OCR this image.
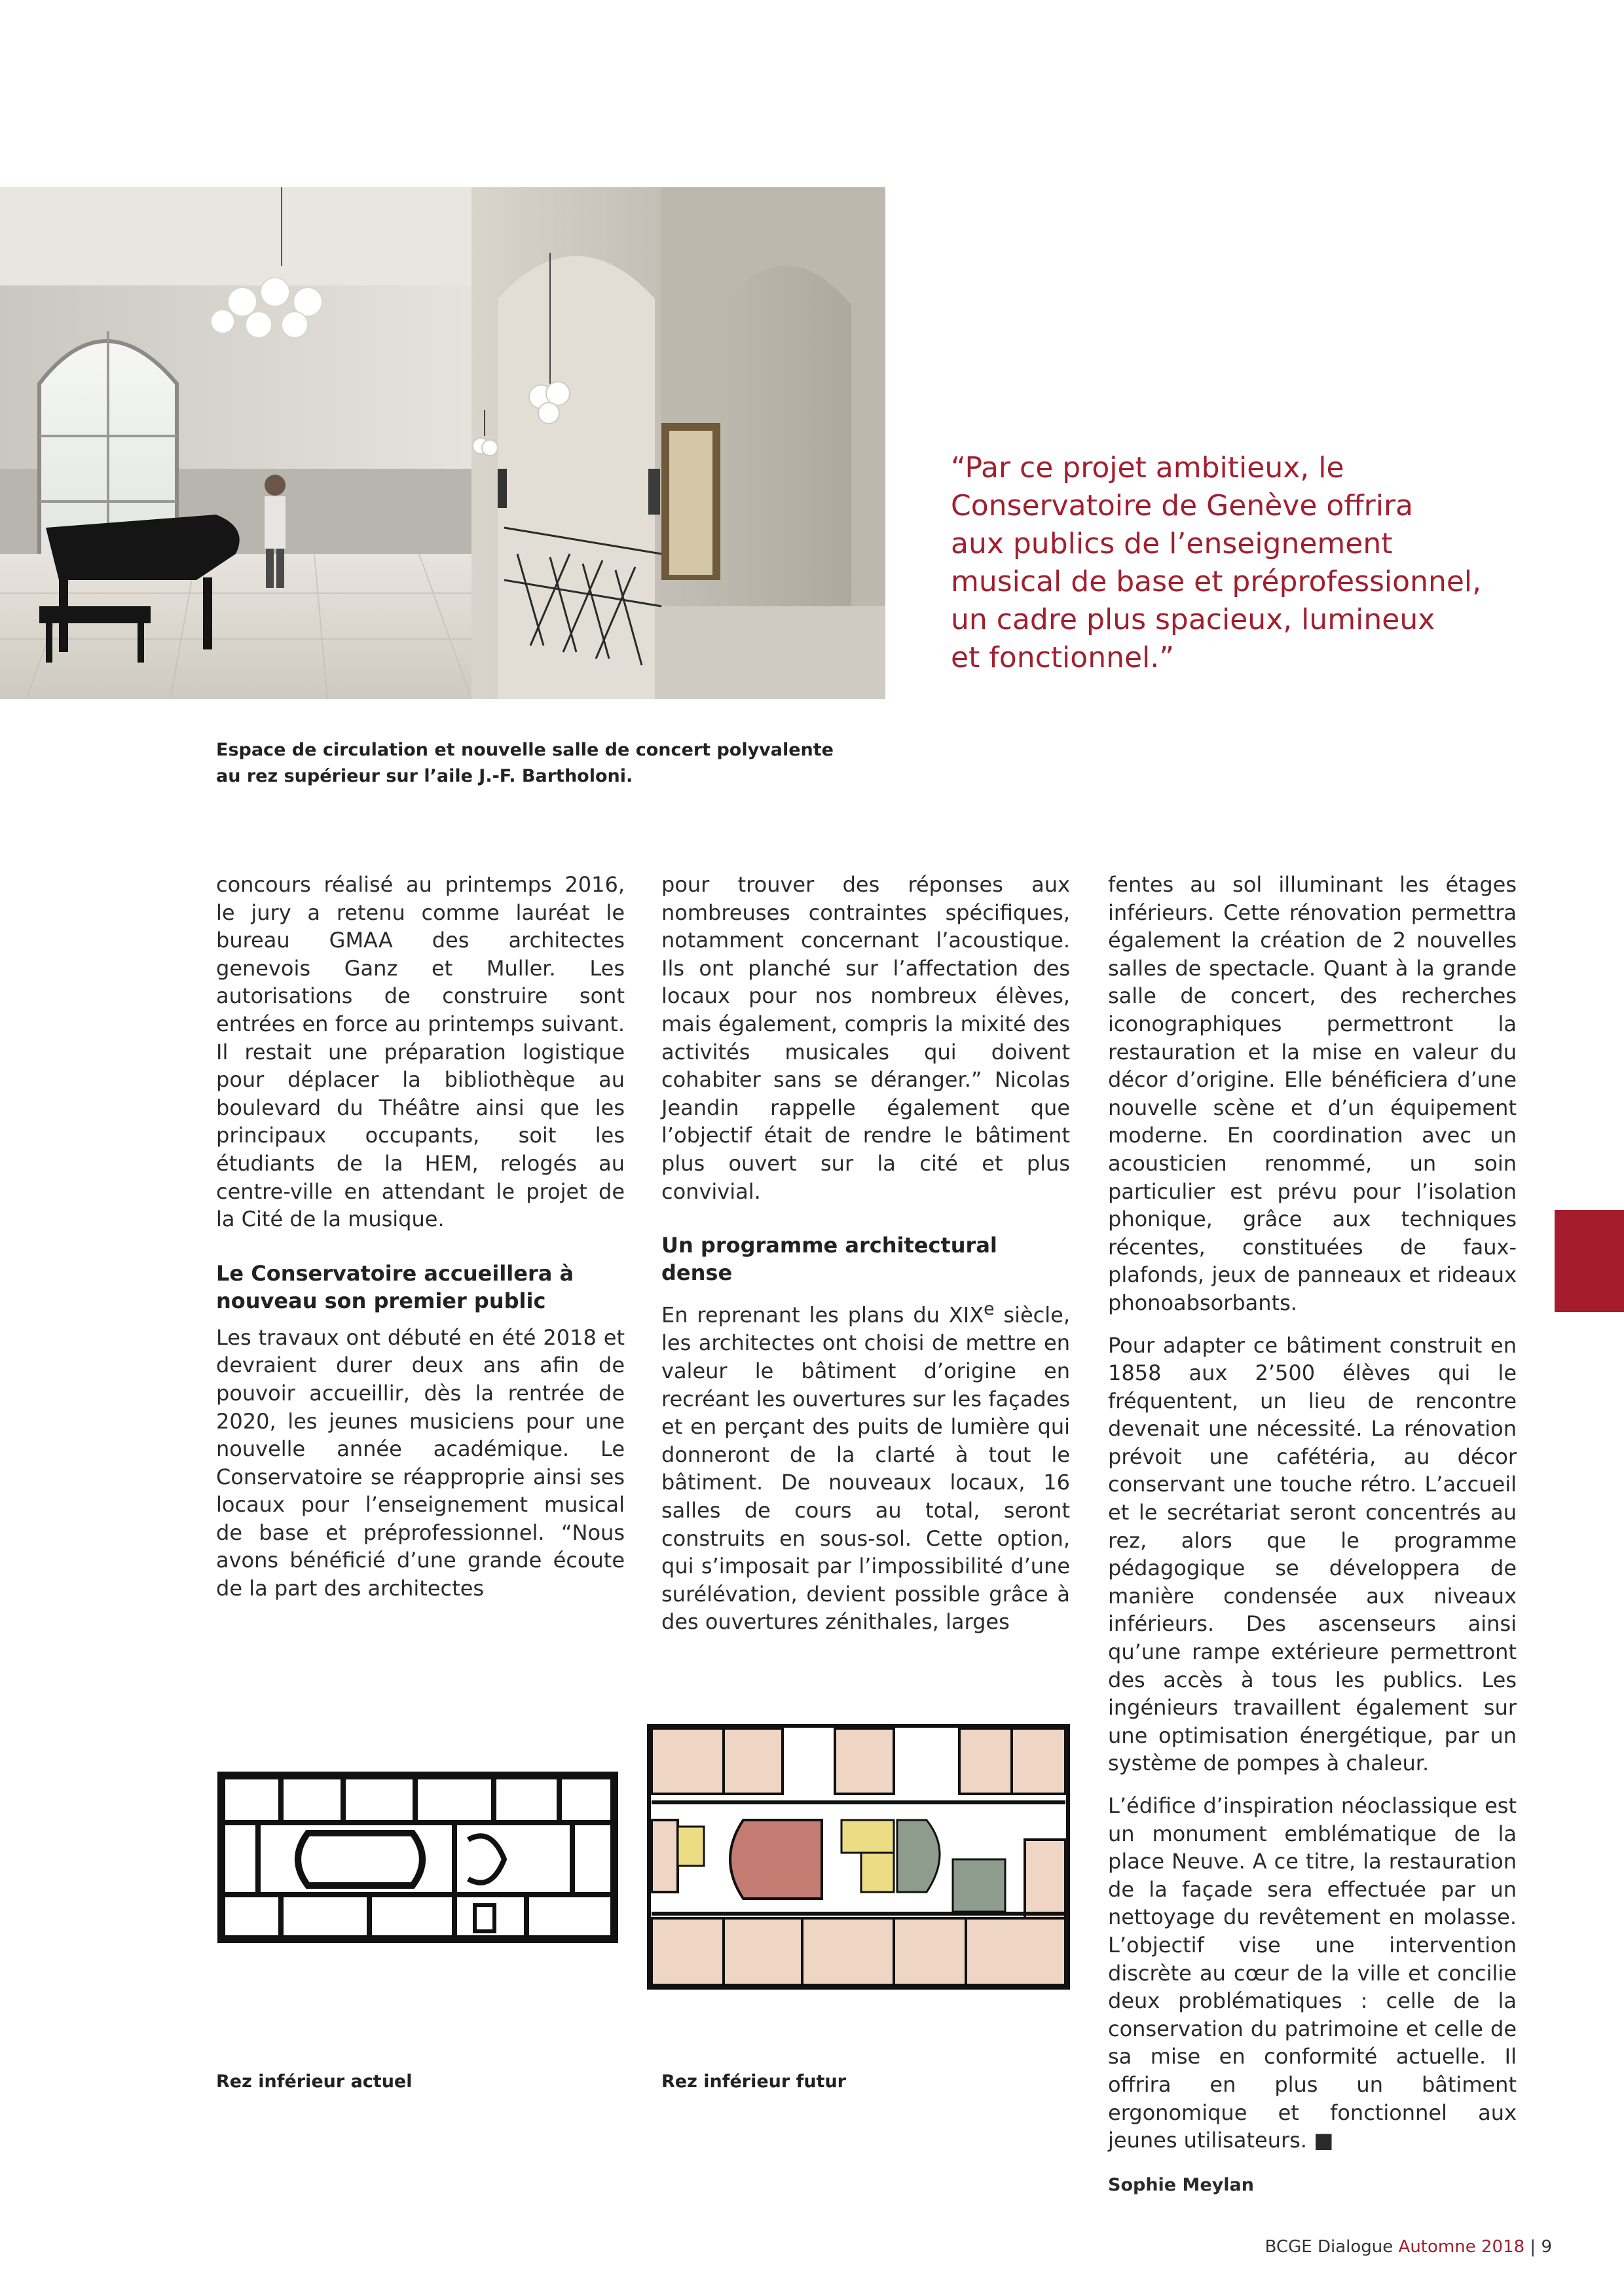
“Par ce projet ambitieux, le
Conservatoire de Genève offrira
aux publics de l’enseignement
musical de base et préprofessionnel,
un cadre plus spacieux, lumineux
et fonctionnel.”
Espace de circulation et nouvelle salle de concert polyvalente
au rez supérieur sur l’aile J.-F. Bartholoni.

concours réalisé au printemps 2016, le jury a retenu comme lauréat le bureau GMAA des architectes genevois Ganz et Muller. Les autorisations de construire sont entrées en force au printemps suivant. Il restait une préparation logistique pour déplacer la bibliothèque au boulevard du Théâtre ainsi que les principaux occupants, soit les étudiants de la HEM, relogés au centre-ville en attendant le projet de la Cité de la musique.

Le Conservatoire accueillera à nouveau son premier public

Les travaux ont débuté en été 2018 et devraient durer deux ans afin de pouvoir accueillir, dès la rentrée de 2020, les jeunes musiciens pour une nouvelle année académique. Le Conservatoire se réapproprie ainsi ses locaux pour l’enseignement musical de base et préprofessionnel. “Nous avons bénéficié d’une grande écoute de la part des architectes

pour trouver des réponses aux nombreuses contraintes spécifiques, notamment concernant l’acoustique. Ils ont planché sur l’affectation des locaux pour nos nombreux élèves, mais également, compris la mixité des activités musicales qui doivent cohabiter sans se déranger.” Nicolas Jeandin rappelle également que l’objectif était de rendre le bâtiment plus ouvert sur la cité et plus convivial.

Un programme architectural dense

En reprenant les plans du XIXe siècle, les architectes ont choisi de mettre en valeur le bâtiment d’origine en recréant les ouvertures sur les façades et en perçant des puits de lumière qui donneront de la clarté à tout le bâtiment. De nouveaux locaux, 16 salles de cours au total, seront construits en sous-sol. Cette option, qui s’imposait par l’impossibilité d’une surélévation, devient possible grâce à des ouvertures zénithales, larges

fentes au sol illuminant les étages inférieurs. Cette rénovation permettra également la création de 2 nouvelles salles de spectacle. Quant à la grande salle de concert, des recherches iconographiques permettront la restauration et la mise en valeur du décor d’origine. Elle bénéficiera d’une nouvelle scène et d’un équipement moderne. En coordination avec un acousticien renommé, un soin particulier est prévu pour l’isolation phonique, grâce aux techniques récentes, constituées de faux-plafonds, jeux de panneaux et rideaux phonoabsorbants.

Pour adapter ce bâtiment construit en 1858 aux 2’500 élèves qui le fréquentent, un lieu de rencontre devenait une nécessité. La rénovation prévoit une cafétéria, au décor conservant une touche rétro. L’accueil et le secrétariat seront concentrés au rez, alors que le programme pédagogique se développera de manière condensée aux niveaux inférieurs. Des ascenseurs ainsi qu’une rampe extérieure permettront des accès à tous les publics. Les ingénieurs travaillent également sur une optimisation énergétique, par un système de pompes à chaleur.

L’édifice d’inspiration néoclassique est un monument emblématique de la place Neuve. A ce titre, la restauration de la façade sera effectuée par un nettoyage du revêtement en molasse. L’objectif vise une intervention discrète au cœur de la ville et concilie deux problématiques : celle de la conservation du patrimoine et celle de sa mise en conformité actuelle. Il offrira en plus un bâtiment ergonomique et fonctionnel aux jeunes utilisateurs. ■

Sophie Meylan

Rez inférieur actuel	Rez inférieur futur
BCGE Dialogue Automne 2018 | 9
